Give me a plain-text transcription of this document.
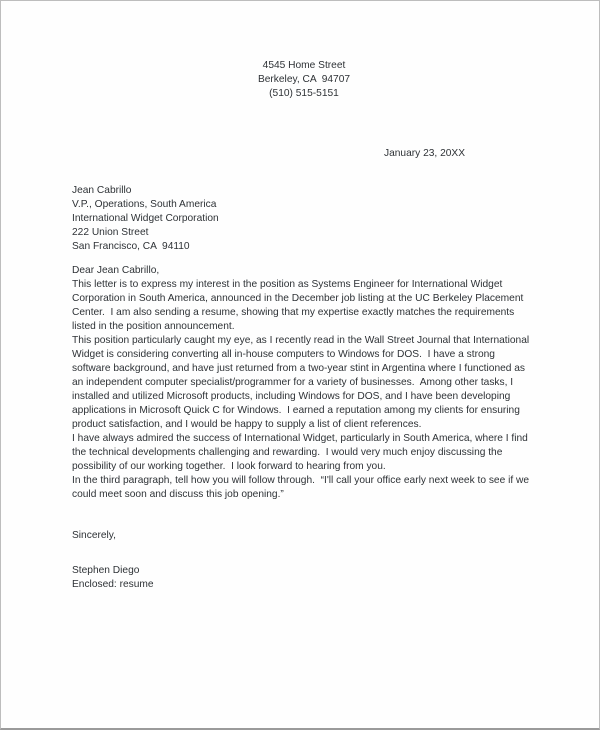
4545 Home Street
Berkeley, CA  94707
(510) 515-5151
January 23, 20XX
Jean Cabrillo
V.P., Operations, South America
International Widget Corporation
222 Union Street
San Francisco, CA  94110
Dear Jean Cabrillo,

This letter is to express my interest in the position as Systems Engineer for International Widget Corporation in South America, announced in the December job listing at the UC Berkeley Placement Center.  I am also sending a resume, showing that my expertise exactly matches the requirements listed in the position announcement.

This position particularly caught my eye, as I recently read in the Wall Street Journal that International Widget is considering converting all in-house computers to Windows for DOS.  I have a strong software background, and have just returned from a two-year stint in Argentina where I functioned as an independent computer specialist/programmer for a variety of businesses.  Among other tasks, I installed and utilized Microsoft products, including Windows for DOS, and I have been developing applications in Microsoft Quick C for Windows.  I earned a reputation among my clients for ensuring product satisfaction, and I would be happy to supply a list of client references.

I have always admired the success of International Widget, particularly in South America, where I find the technical developments challenging and rewarding.  I would very much enjoy discussing the possibility of our working together.  I look forward to hearing from you.

In the third paragraph, tell how you will follow through.  “I'll call your office early next week to see if we could meet soon and discuss this job opening.”

Sincerely,
Stephen Diego
Enclosed: resume
